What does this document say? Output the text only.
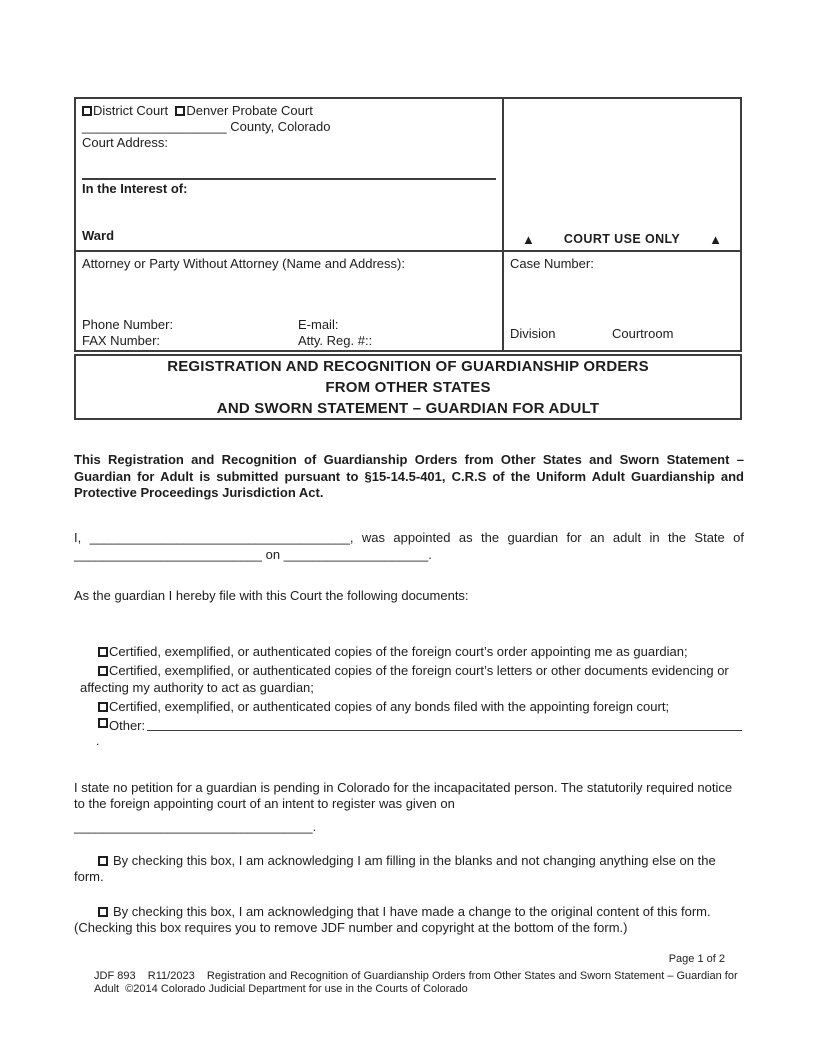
District Court Denver Probate Court
____________________ County, Colorado
Court Address:
In the Interest of:
Ward	▲ COURT USE ONLY ▲
Attorney or Party Without Attorney (Name and Address):
Phone Number:	E-mail:
FAX Number:	Atty. Reg. #::
Case Number:
Division	Courtroom
REGISTRATION AND RECOGNITION OF GUARDIANSHIP ORDERS
FROM OTHER STATES
AND SWORN STATEMENT – GUARDIAN FOR ADULT

This Registration and Recognition of Guardianship Orders from Other States and Sworn Statement – Guardian for Adult is submitted pursuant to §15-14.5-401, C.R.S of the Uniform Adult Guardianship and Protective Proceedings Jurisdiction Act.

I, ____________________________________, was appointed as the guardian for an adult in the State of __________________________ on ____________________.

As the guardian I hereby file with this Court the following documents:

Certified, exemplified, or authenticated copies of the foreign court’s order appointing me as guardian;
Certified, exemplified, or authenticated copies of the foreign court’s letters or other documents evidencing or affecting my authority to act as guardian;
Certified, exemplified, or authenticated copies of any bonds filed with the appointing foreign court;
Other:
.
I state no petition for a guardian is pending in Colorado for the incapacitated person. The statutorily required notice to the foreign appointing court of an intent to register was given on
_________________________________.

By checking this box, I am acknowledging I am filling in the blanks and not changing anything else on the form.

By checking this box, I am acknowledging that I have made a change to the original content of this form.
(Checking this box requires you to remove JDF number and copyright at the bottom of the form.)
Page 1 of 2
JDF 893    R11/2023    Registration and Recognition of Guardianship Orders from Other States and Sworn Statement – Guardian for Adult  ©2014 Colorado Judicial Department for use in the Courts of Colorado
